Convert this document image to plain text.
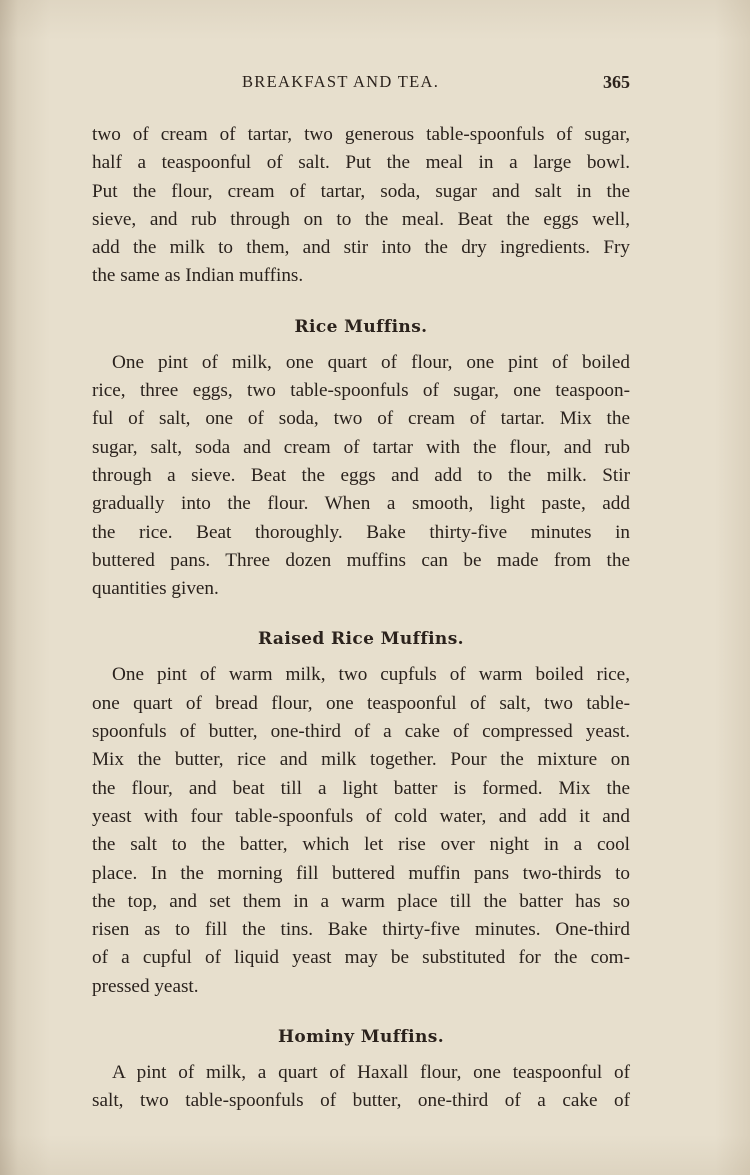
BREAKFAST AND TEA.	365
two of cream of tartar, two generous table-spoonfuls of sugar,
half a teaspoonful of salt. Put the meal in a large bowl.
Put the flour, cream of tartar, soda, sugar and salt in the
sieve, and rub through on to the meal. Beat the eggs well,
add the milk to them, and stir into the dry ingredients. Fry
the same as Indian muffins.
Rice Muffins.
One pint of milk, one quart of flour, one pint of boiled
rice, three eggs, two table-spoonfuls of sugar, one teaspoon-
ful of salt, one of soda, two of cream of tartar. Mix the
sugar, salt, soda and cream of tartar with the flour, and rub
through a sieve. Beat the eggs and add to the milk. Stir
gradually into the flour. When a smooth, light paste, add
the rice. Beat thoroughly. Bake thirty-five minutes in
buttered pans. Three dozen muffins can be made from the
quantities given.
Raised Rice Muffins.
One pint of warm milk, two cupfuls of warm boiled rice,
one quart of bread flour, one teaspoonful of salt, two table-
spoonfuls of butter, one-third of a cake of compressed yeast.
Mix the butter, rice and milk together. Pour the mixture on
the flour, and beat till a light batter is formed. Mix the
yeast with four table-spoonfuls of cold water, and add it and
the salt to the batter, which let rise over night in a cool
place. In the morning fill buttered muffin pans two-thirds to
the top, and set them in a warm place till the batter has so
risen as to fill the tins. Bake thirty-five minutes. One-third
of a cupful of liquid yeast may be substituted for the com-
pressed yeast.
Hominy Muffins.
A pint of milk, a quart of Haxall flour, one teaspoonful of
salt, two table-spoonfuls of butter, one-third of a cake of
